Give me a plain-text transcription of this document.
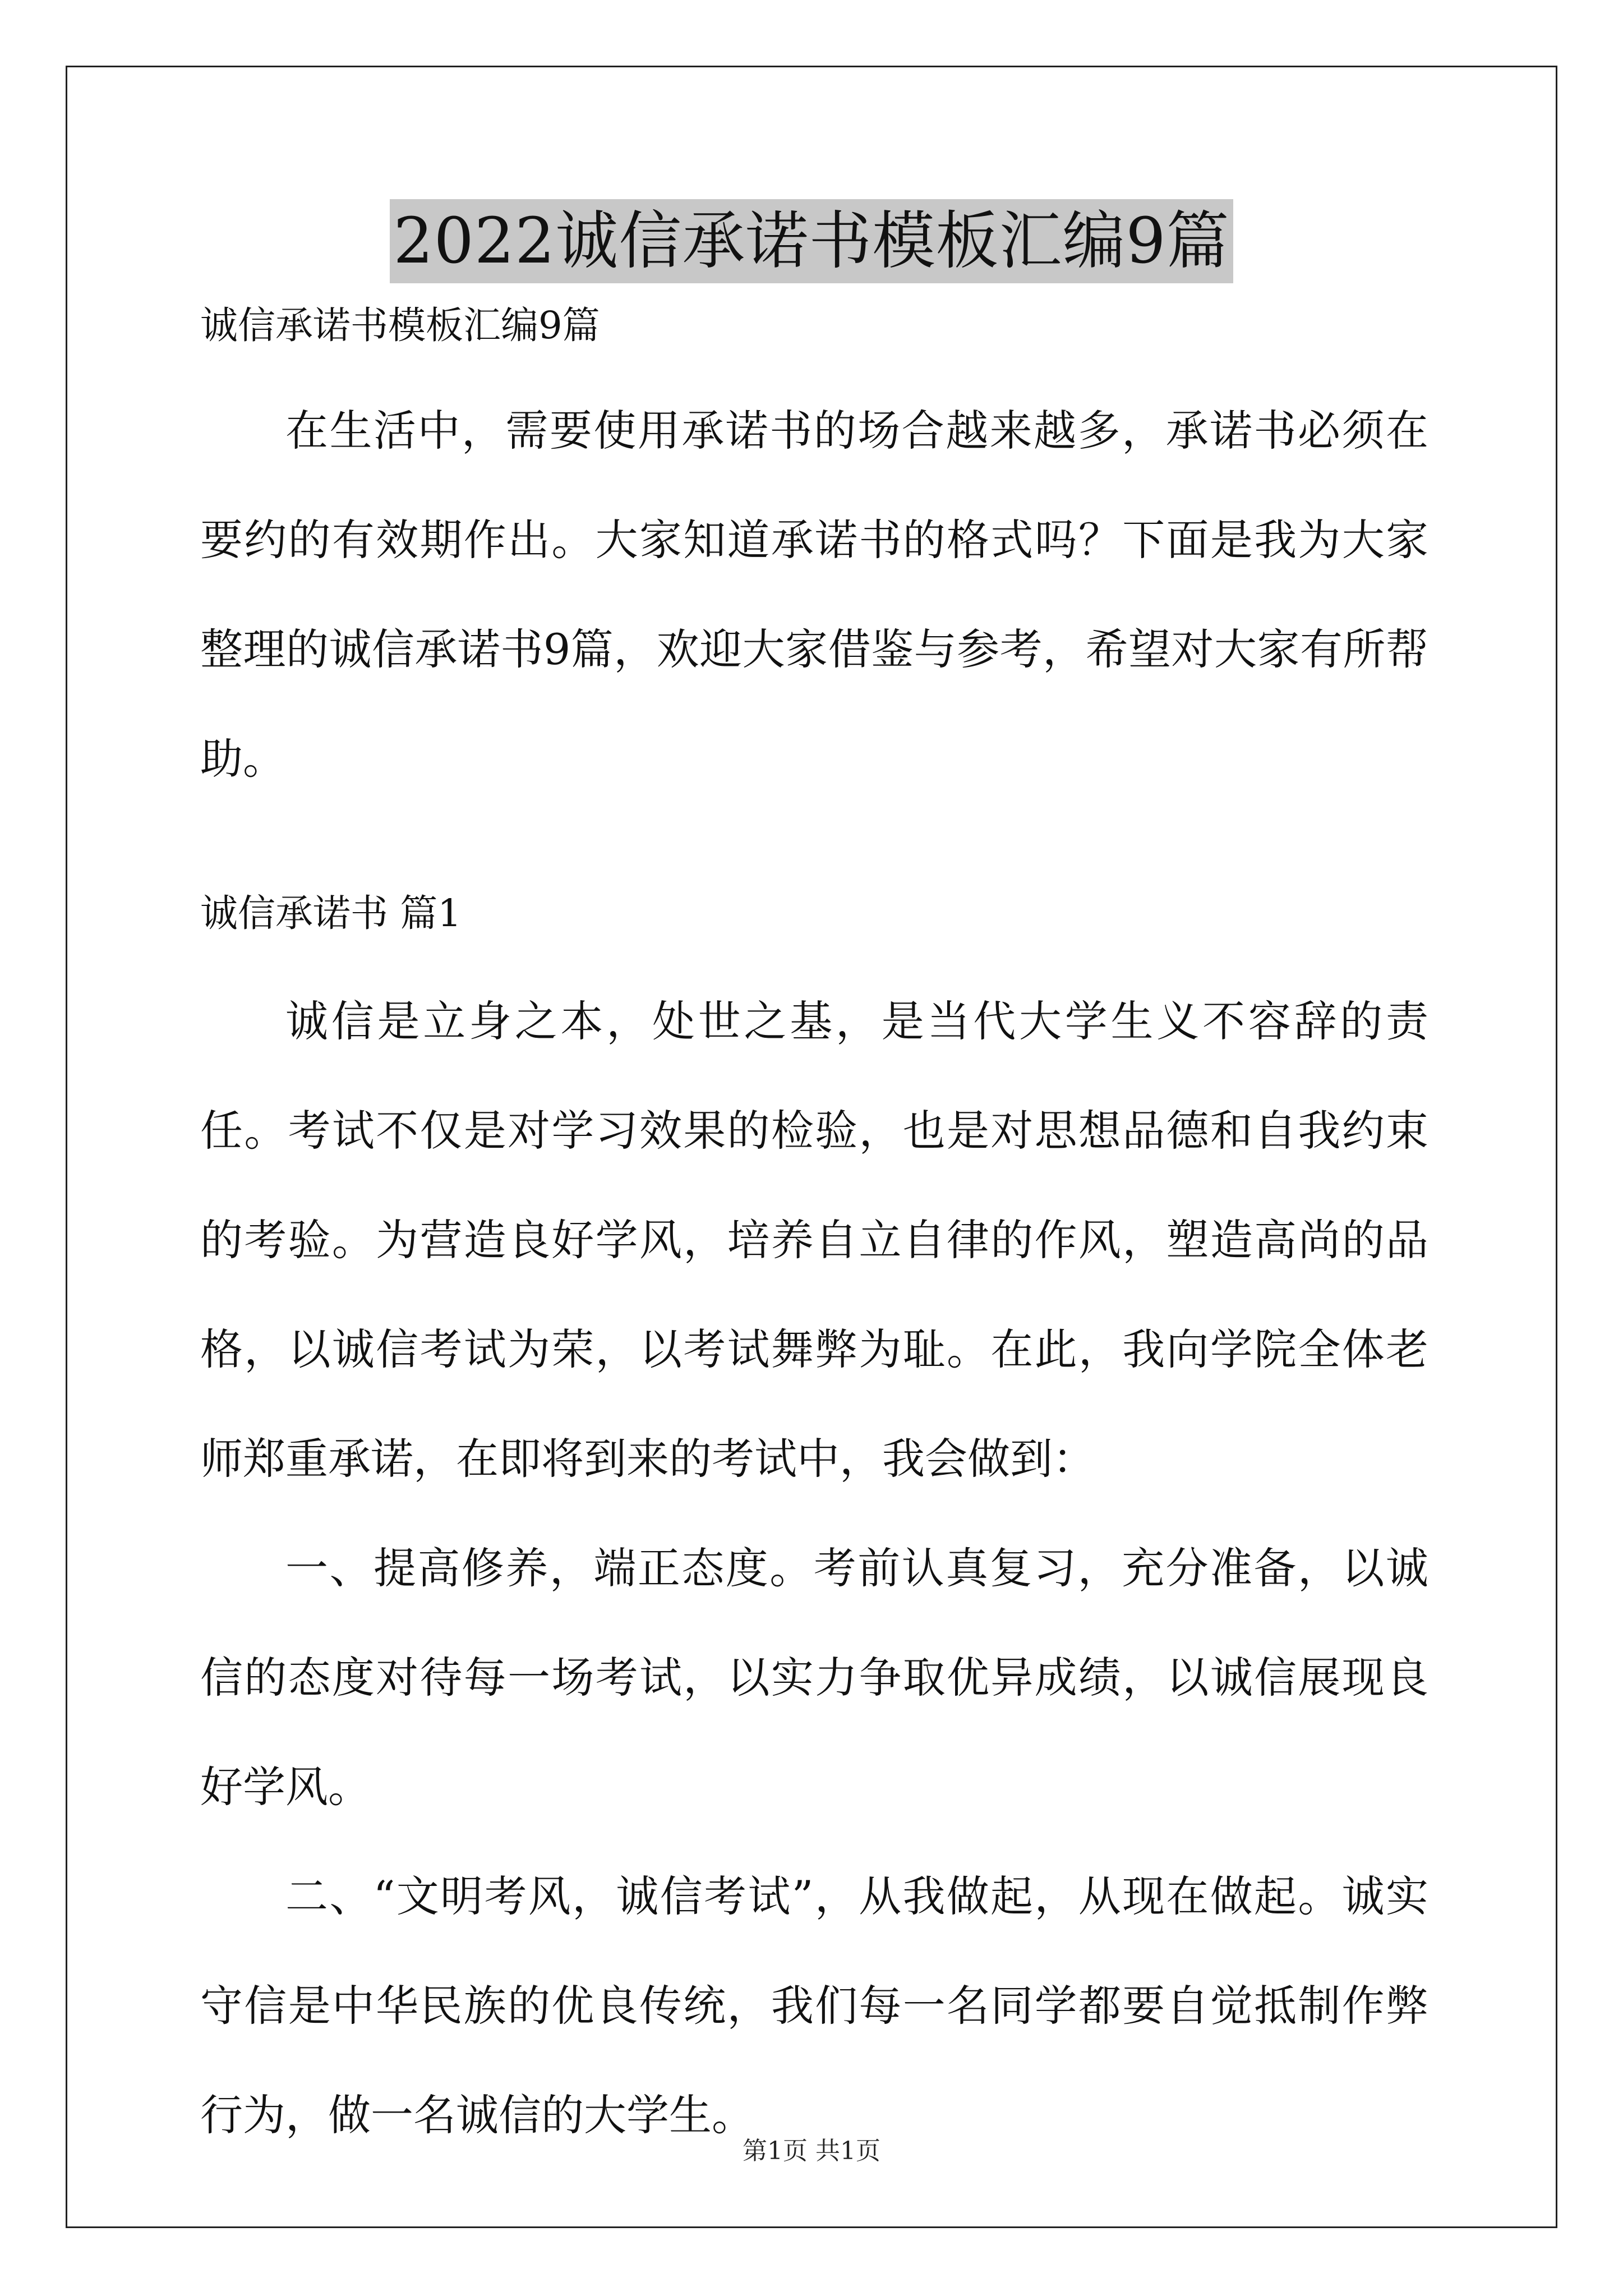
2022诚信承诺书模板汇编9篇

诚信承诺书模板汇编9篇

在生活中，需要使用承诺书的场合越来越多，承诺书必须在要约的有效期作出。大家知道承诺书的格式吗？下面是我为大家整理的诚信承诺书9篇，欢迎大家借鉴与参考，希望对大家有所帮助。

诚信承诺书 篇1

诚信是立身之本，处世之基，是当代大学生义不容辞的责任。考试不仅是对学习效果的检验，也是对思想品德和自我约束的考验。为营造良好学风，培养自立自律的作风，塑造高尚的品格，以诚信考试为荣，以考试舞弊为耻。在此，我向学院全体老师郑重承诺，在即将到来的考试中，我会做到：

一、提高修养，端正态度。考前认真复习，充分准备，以诚信的态度对待每一场考试，以实力争取优异成绩，以诚信展现良好学风。

二、“文明考风，诚信考试”，从我做起，从现在做起。诚实守信是中华民族的优良传统，我们每一名同学都要自觉抵制作弊行为，做一名诚信的大学生。

第1页 共1页
